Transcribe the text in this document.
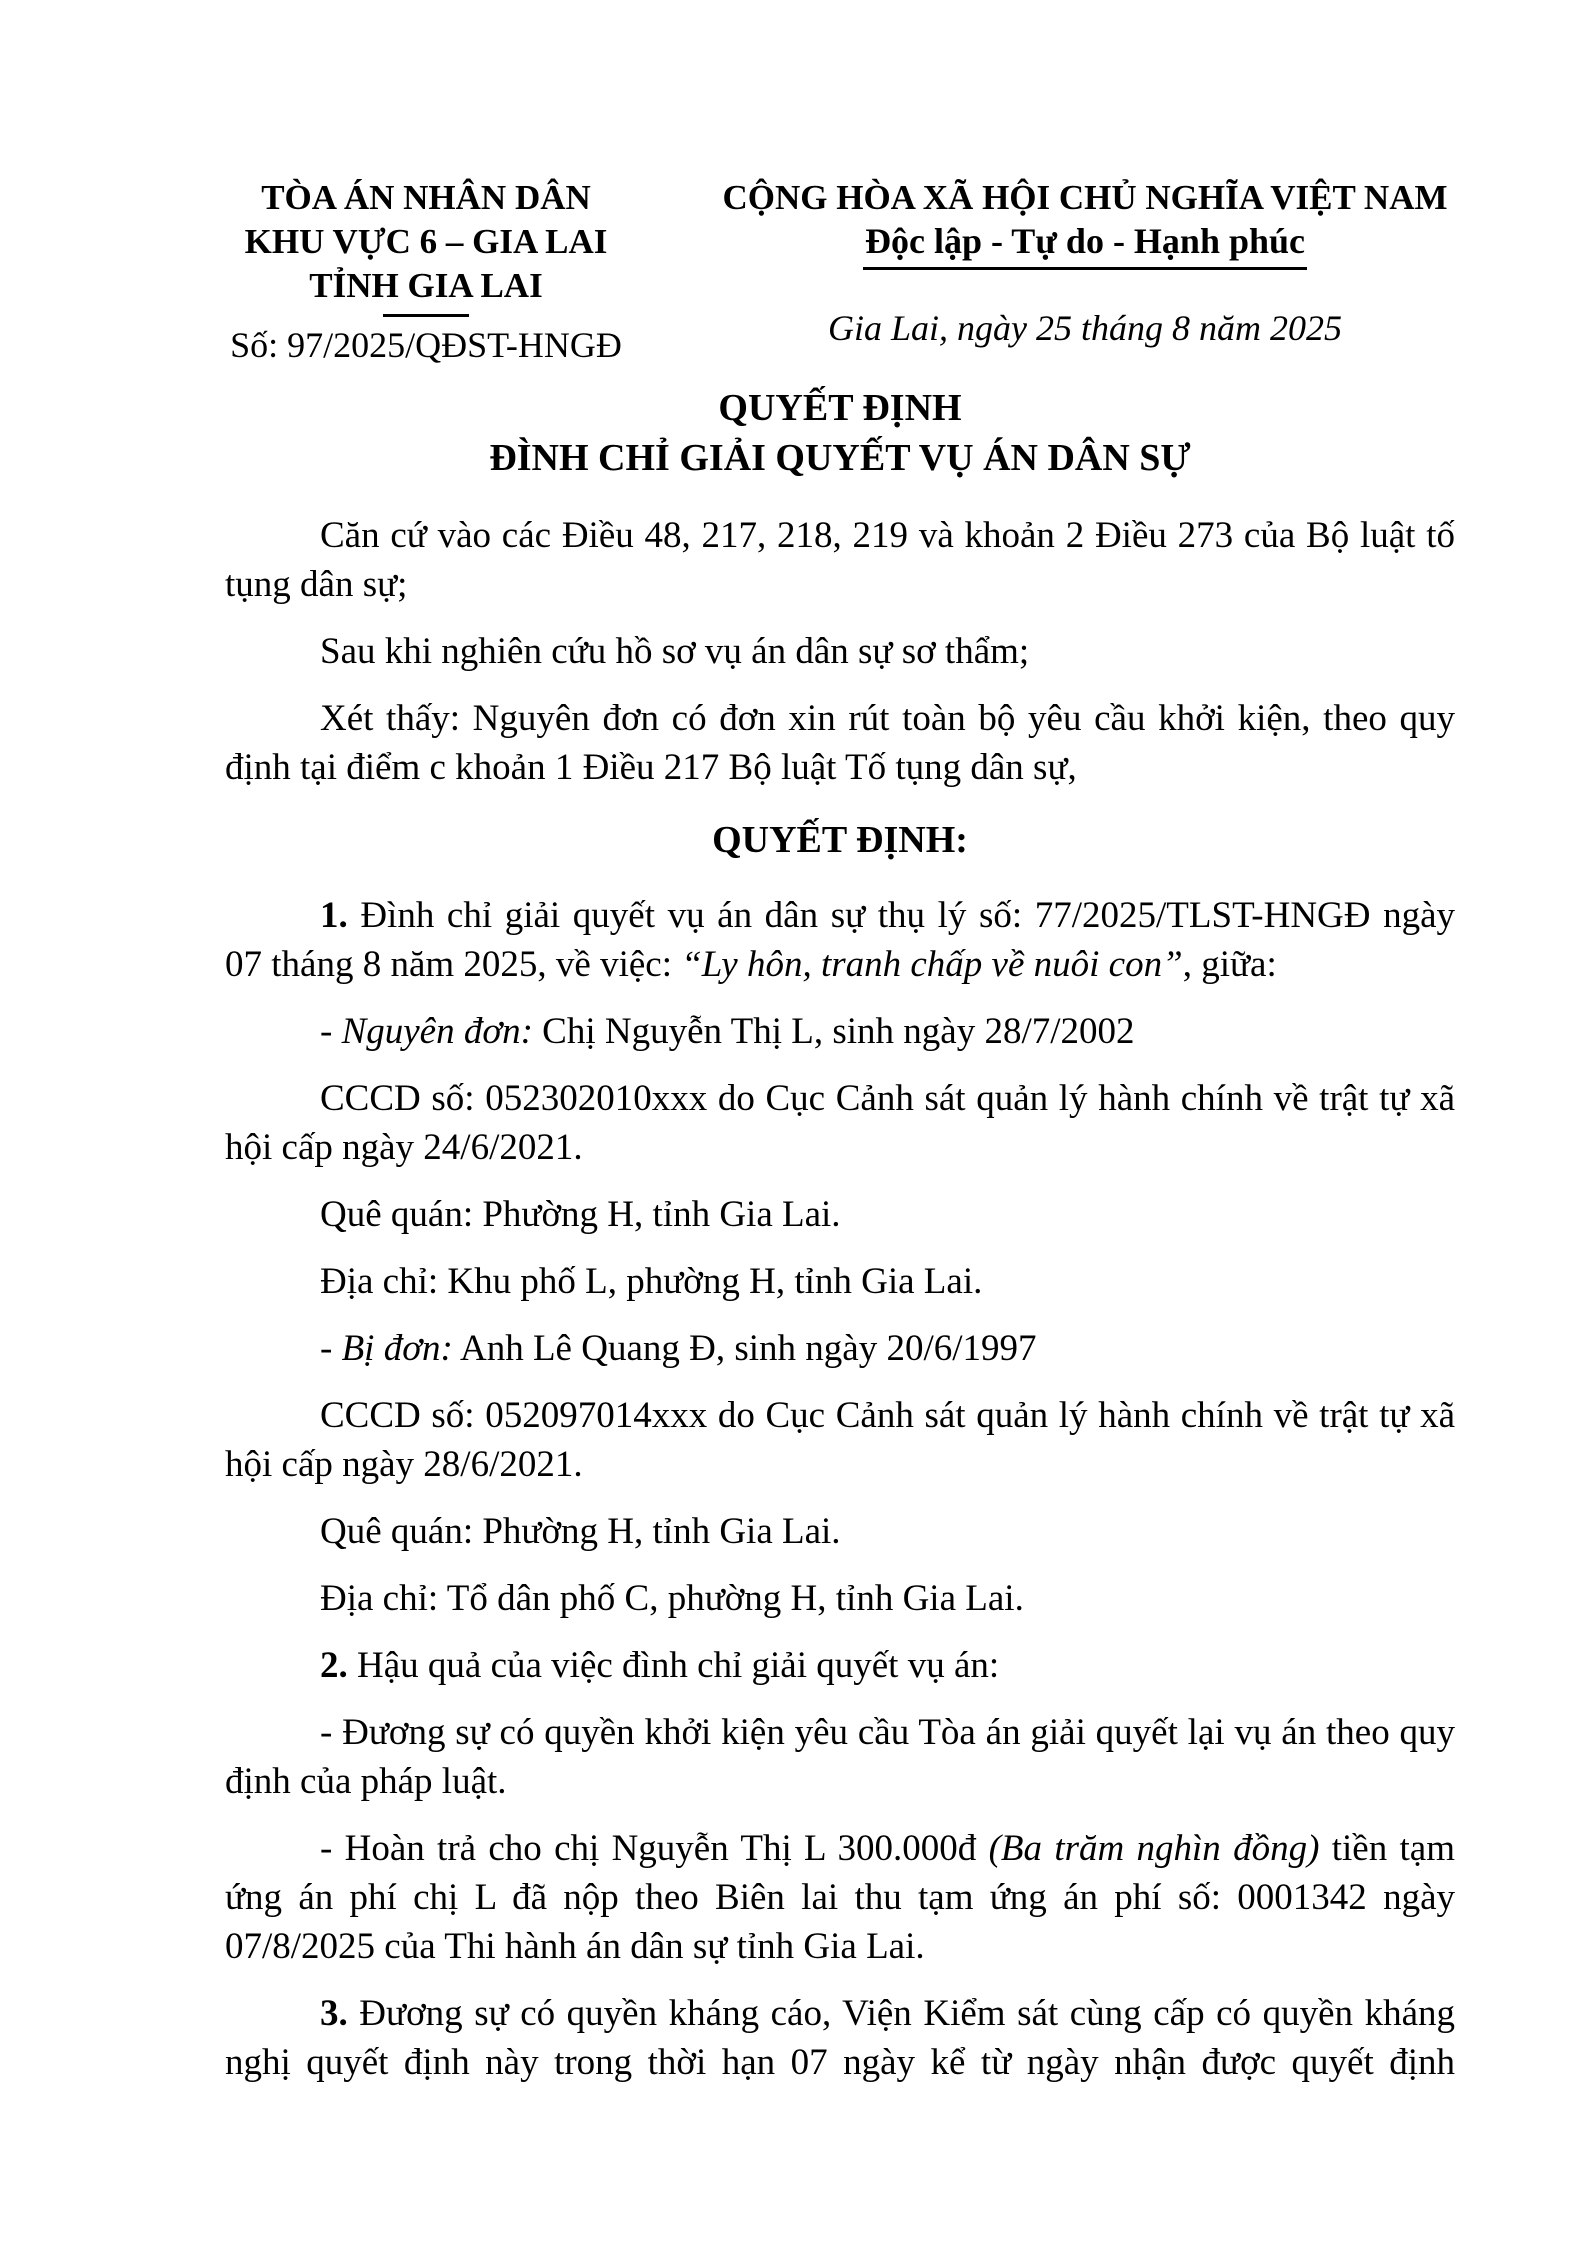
TÒA ÁN NHÂN DÂN
KHU VỰC 6 – GIA LAI
TỈNH GIA LAI
Số: 97/2025/QĐST-HNGĐ
CỘNG HÒA XÃ HỘI CHỦ NGHĨA VIỆT NAM
Độc lập - Tự do - Hạnh phúc
Gia Lai, ngày 25 tháng 8 năm 2025
QUYẾT ĐỊNH
ĐÌNH CHỈ GIẢI QUYẾT VỤ ÁN DÂN SỰ

Căn cứ vào các Điều 48, 217, 218, 219 và khoản 2 Điều 273 của Bộ luật tố tụng dân sự;

Sau khi nghiên cứu hồ sơ vụ án dân sự sơ thẩm;

Xét thấy: Nguyên đơn có đơn xin rút toàn bộ yêu cầu khởi kiện, theo quy định tại điểm c khoản 1 Điều 217 Bộ luật Tố tụng dân sự,

QUYẾT ĐỊNH:

1. Đình chỉ giải quyết vụ án dân sự thụ lý số: 77/2025/TLST-HNGĐ ngày 07 tháng 8 năm 2025, về việc: “Ly hôn, tranh chấp về nuôi con”, giữa:

- Nguyên đơn: Chị Nguyễn Thị L, sinh ngày 28/7/2002

CCCD số: 052302010xxx do Cục Cảnh sát quản lý hành chính về trật tự xã hội cấp ngày 24/6/2021.

Quê quán: Phường H, tỉnh Gia Lai.

Địa chỉ: Khu phố L, phường H, tỉnh Gia Lai.

- Bị đơn: Anh Lê Quang Đ, sinh ngày 20/6/1997

CCCD số: 052097014xxx do Cục Cảnh sát quản lý hành chính về trật tự xã hội cấp ngày 28/6/2021.

Quê quán: Phường H, tỉnh Gia Lai.

Địa chỉ: Tổ dân phố C, phường H, tỉnh Gia Lai.

2. Hậu quả của việc đình chỉ giải quyết vụ án:

- Đương sự có quyền khởi kiện yêu cầu Tòa án giải quyết lại vụ án theo quy định của pháp luật.

- Hoàn trả cho chị Nguyễn Thị L 300.000đ (Ba trăm nghìn đồng) tiền tạm ứng án phí chị L đã nộp theo Biên lai thu tạm ứng án phí số: 0001342 ngày 07/8/2025 của Thi hành án dân sự tỉnh Gia Lai.

3. Đương sự có quyền kháng cáo, Viện Kiểm sát cùng cấp có quyền kháng nghị quyết định này trong thời hạn 07 ngày kể từ ngày nhận được quyết định
